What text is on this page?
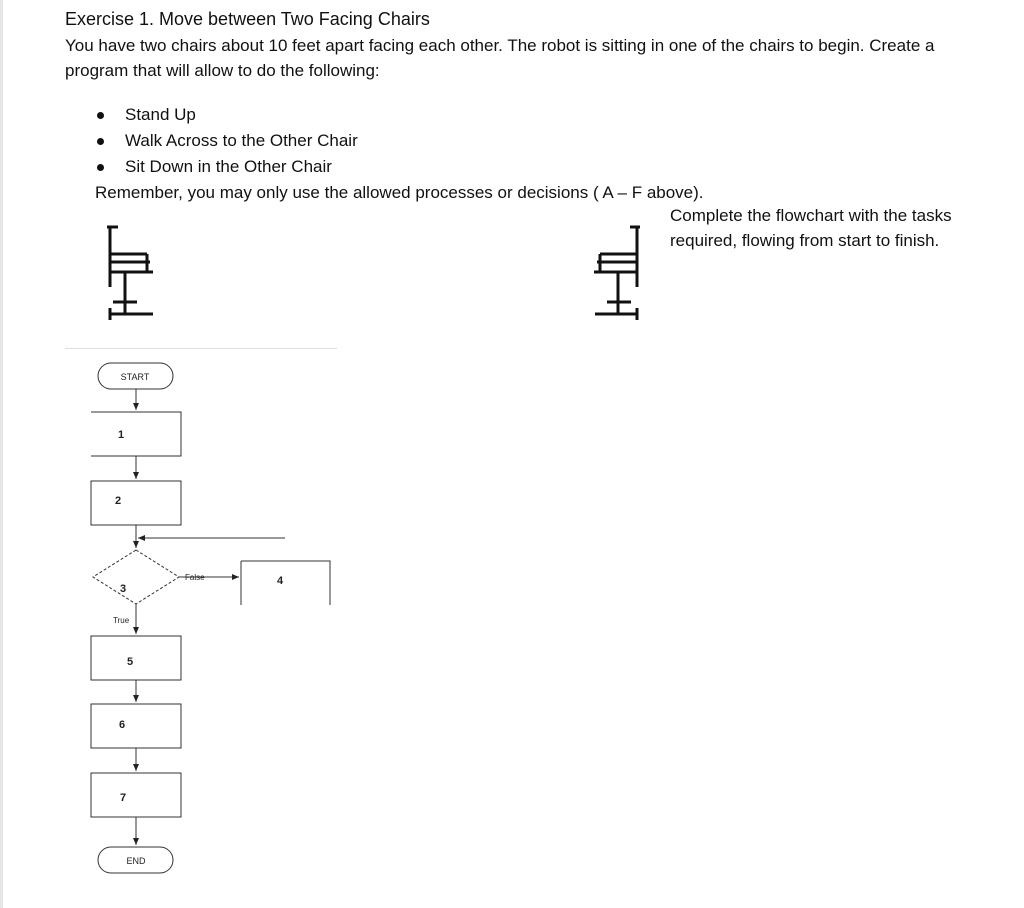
Exercise 1. Move between Two Facing Chairs
You have two chairs about 10 feet apart facing each other. The robot is sitting in one of the chairs to begin. Create a program that will allow to do the following:
Stand Up
Walk Across to the Other Chair
Sit Down in the Other Chair
Remember, you may only use the allowed processes or decisions ( A – F above).
Complete the flowchart with the tasks required, flowing from start to finish.
START
1
2
3
4
5
6
7
END
True
False
